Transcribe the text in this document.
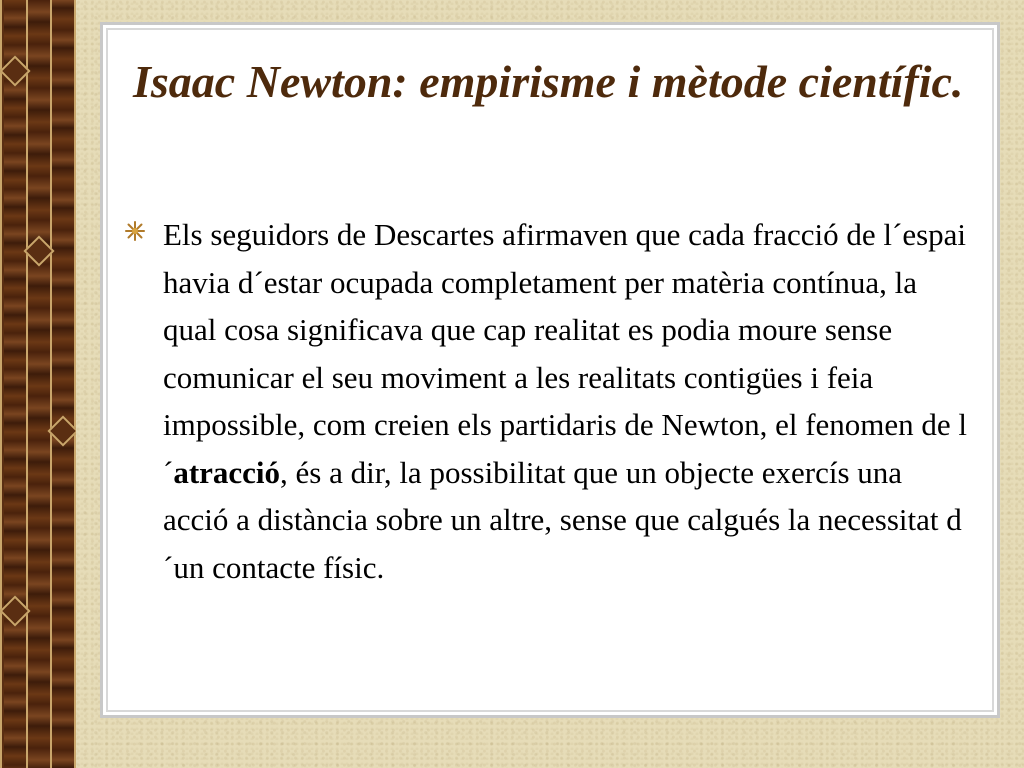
Isaac Newton: empirisme i mètode científic.

Els seguidors de Descartes afirmaven que cada fracció de l´espai havia d´estar ocupada completament per matèria contínua, la qual cosa significava que cap realitat es podia moure sense comunicar el seu moviment a les realitats contigües i feia impossible, com creien els partidaris de Newton, el fenomen de l´atracció, és a dir, la possibilitat que un objecte exercís una acció a distància sobre un altre, sense que calgués la necessitat d´un contacte físic.
